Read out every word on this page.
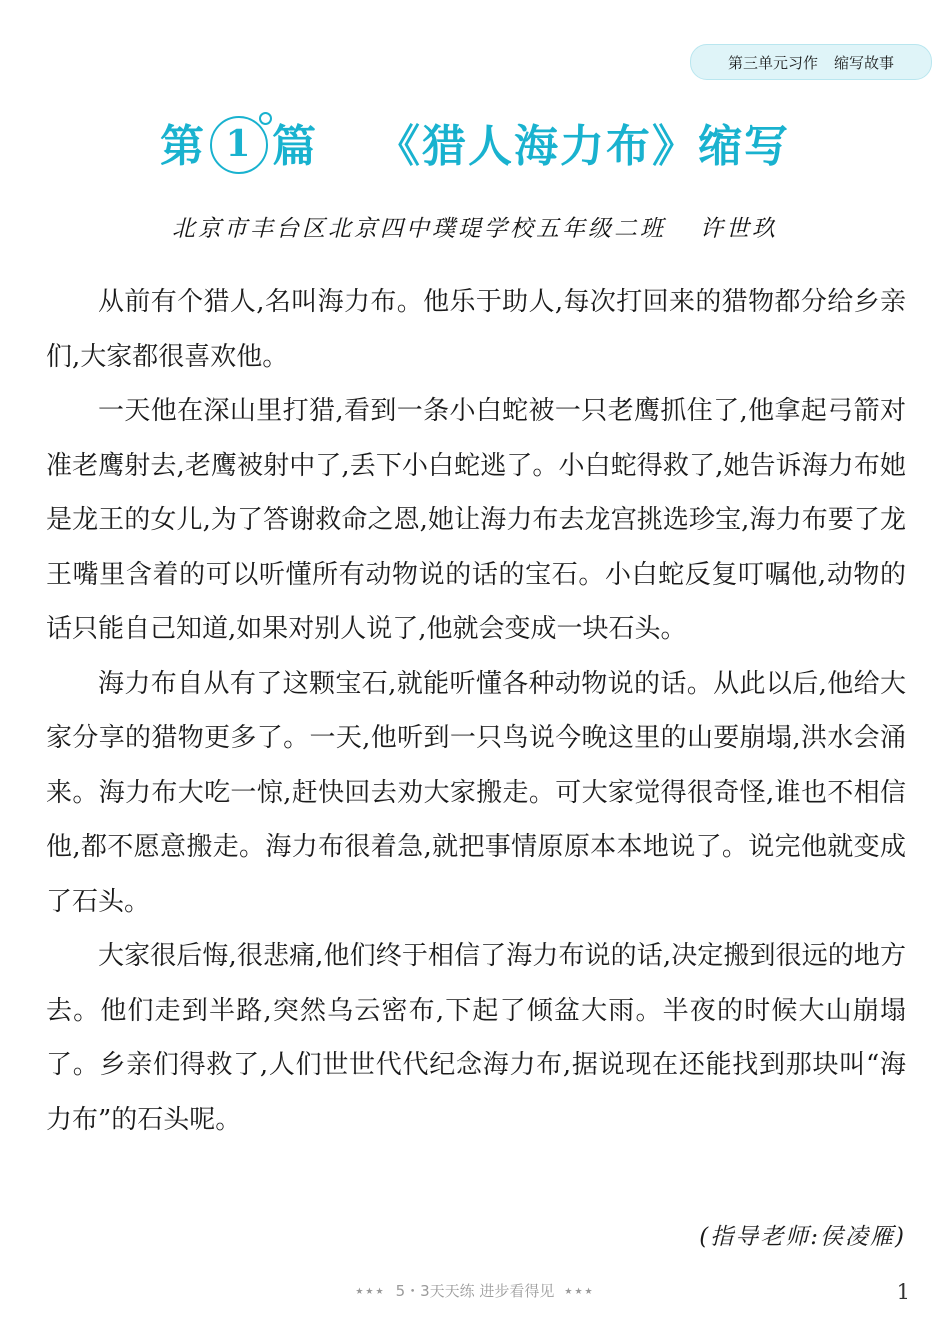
第三单元习作 缩写故事
第 1 篇 《猎人海力布》缩写
北京市丰台区北京四中璞瑅学校五年级二班 许世玖

从前有个猎人,名叫海力布。他乐于助人,每次打回来的猎物都分给乡亲们,大家都很喜欢他。

一天他在深山里打猎,看到一条小白蛇被一只老鹰抓住了,他拿起弓箭对准老鹰射去,老鹰被射中了,丢下小白蛇逃了。小白蛇得救了,她告诉海力布她是龙王的女儿,为了答谢救命之恩,她让海力布去龙宫挑选珍宝,海力布要了龙王嘴里含着的可以听懂所有动物说的话的宝石。小白蛇反复叮嘱他,动物的话只能自己知道,如果对别人说了,他就会变成一块石头。

海力布自从有了这颗宝石,就能听懂各种动物说的话。从此以后,他给大家分享的猎物更多了。一天,他听到一只鸟说今晚这里的山要崩塌,洪水会涌来。海力布大吃一惊,赶快回去劝大家搬走。可大家觉得很奇怪,谁也不相信他,都不愿意搬走。海力布很着急,就把事情原原本本地说了。说完他就变成了石头。

大家很后悔,很悲痛,他们终于相信了海力布说的话,决定搬到很远的地方去。他们走到半路,突然乌云密布,下起了倾盆大雨。半夜的时候大山崩塌了。乡亲们得救了,人们世世代代纪念海力布,据说现在还能找到那块叫“海力布”的石头呢。

(指导老师:侯凌雁)
★★★ 5・3天天练 进步看得见 ★★★	1
